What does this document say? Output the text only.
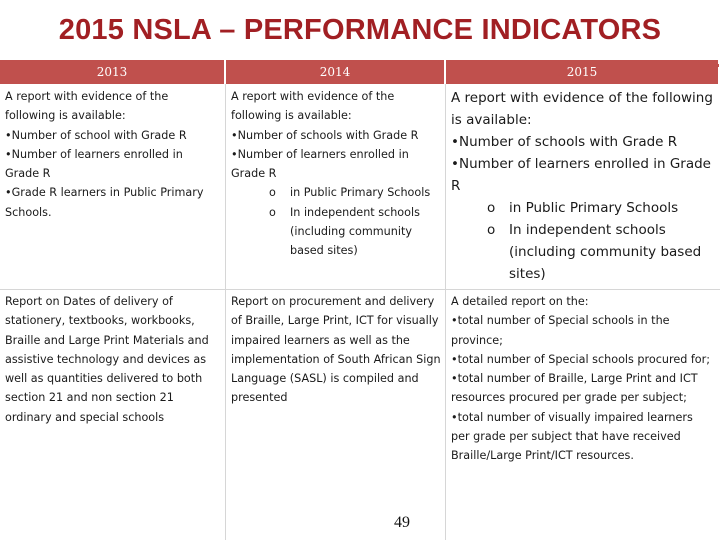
2015 NSLA – PERFORMANCE INDICATORS
2013	2014	2015

A report with evidence of the following is available:

• Number of school with Grade R
• Number of learners enrolled in Grade R
• Grade R learners in Public Primary Schools.

A report with evidence of the following is available:

• Number of schools with Grade R
• Number of learners enrolled in Grade R
o in Public Primary Schools
o In independent schools (including community based sites)

A report with evidence of the following is available:

• Number of schools with Grade R
• Number of learners enrolled in Grade R
o in Public Primary Schools
o In independent schools (including community based sites)

Report on Dates of delivery of stationery, textbooks, workbooks, Braille and Large Print Materials and assistive technology and devices as well as quantities delivered to both section 21 and non section 21 ordinary and special schools

Report on procurement and delivery of Braille, Large Print, ICT for visually impaired learners as well as the implementation of South African Sign Language (SASL) is compiled and presented

A detailed report on the:

• total number of Special schools in the province;
• total number of Special schools procured for;
• total number of Braille, Large Print and ICT resources procured per grade per subject;
• total number of visually impaired learners per grade per subject that have received Braille/Large Print/ICT resources.
49
